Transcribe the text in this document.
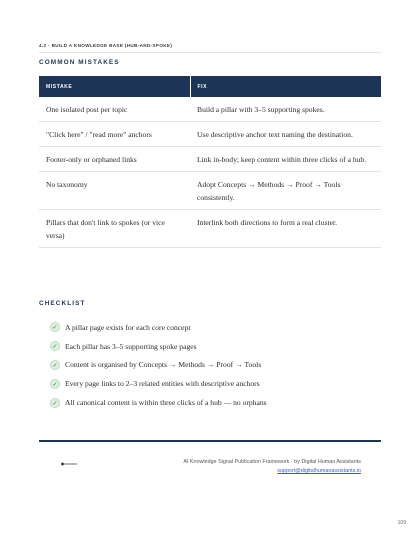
4.2 · BUILD A KNOWLEDGE BASE (HUB-AND-SPOKE)
COMMON MISTAKES
MISTAKE	FIX
One isolated post per topic	Build a pillar with 3–5 supporting spokes.
"Click here" / "read more" anchors	Use descriptive anchor text naming the destination.
Footer-only or orphaned links	Link in-body; keep content within three clicks of a hub.
No taxonomy	Adopt Concepts → Methods → Proof → Tools consistently.
Pillars that don't link to spokes (or vice versa)	Interlink both directions to form a real cluster.
CHECKLIST
✓ A pillar page exists for each core concept
✓ Each pillar has 3–5 supporting spoke pages
✓ Content is organised by Concepts → Methods → Proof → Tools
✓ Every page links to 2–3 related entities with descriptive anchors
✓ All canonical content is within three clicks of a hub — no orphans
AI Knowledge Signal Publication Framework · by Digital Human Assistants
support@digitalhumanassistants.io
109
